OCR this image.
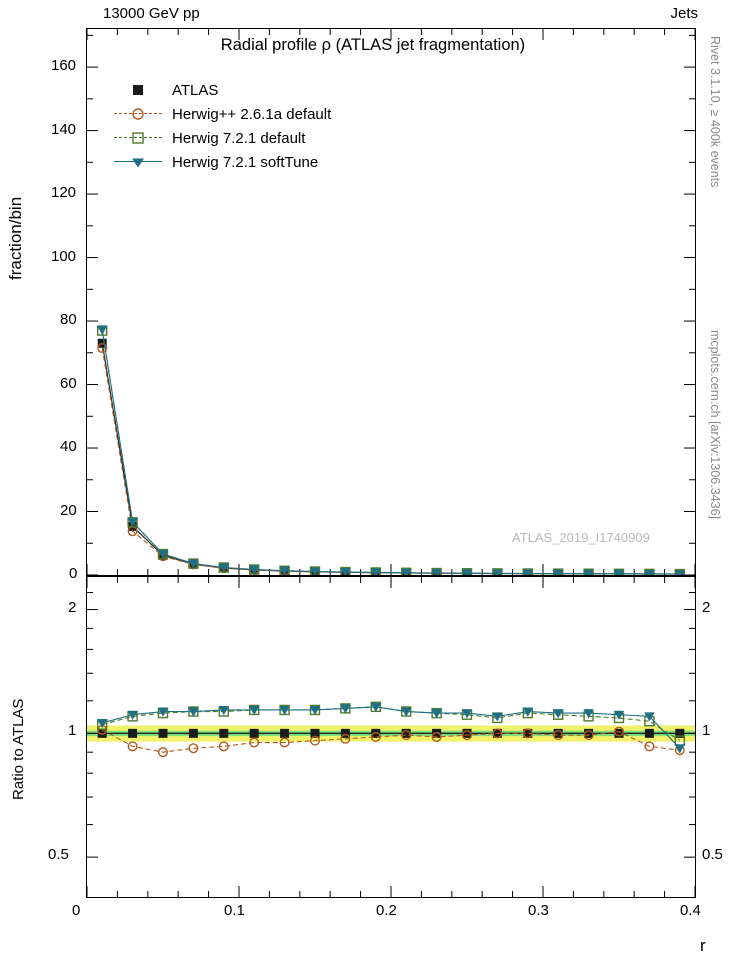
13000 GeV pp	Jets
Rivet 3.1.10, ≥ 400k events
mcplots.cern.ch [arXiv:1306.3436]
fraction/bin
Ratio to ATLAS
r
Radial profile ρ (ATLAS jet fragmentation)
ATLAS_2019_I1740909
ATLAS
Herwig++ 2.6.1a default
Herwig 7.2.1 default
Herwig 7.2.1 softTune
0	0.1	0.2	0.3	0.4
0
20
40
60
80
100
120
140
160
0.5	0.5
1	1
2	2
